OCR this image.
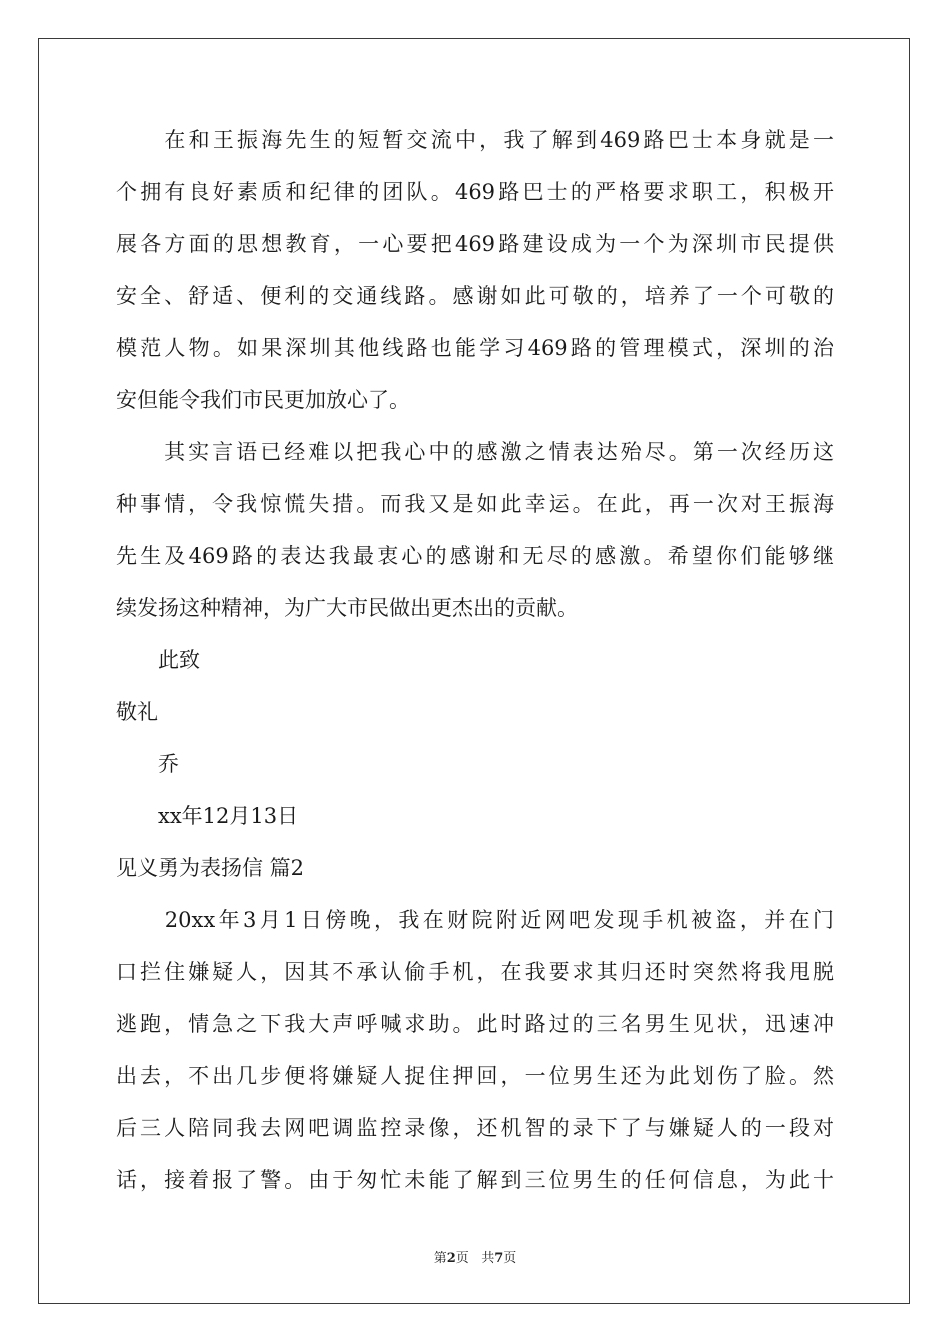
　　在和王振海先生的短暂交流中，我了解到469路巴士本身就是一
个拥有良好素质和纪律的团队。469路巴士的严格要求职工，积极开
展各方面的思想教育，一心要把469路建设成为一个为深圳市民提供
安全、舒适、便利的交通线路。感谢如此可敬的，培养了一个可敬的
模范人物。如果深圳其他线路也能学习469路的管理模式，深圳的治
安但能令我们市民更加放心了。
　　其实言语已经难以把我心中的感激之情表达殆尽。第一次经历这
种事情，令我惊慌失措。而我又是如此幸运。在此，再一次对王振海
先生及469路的表达我最衷心的感谢和无尽的感激。希望你们能够继
续发扬这种精神，为广大市民做出更杰出的贡献。
　　此致
敬礼
　　乔
　　xx年12月13日
见义勇为表扬信 篇2
　　20xx年3月1日傍晚，我在财院附近网吧发现手机被盗，并在门
口拦住嫌疑人，因其不承认偷手机，在我要求其归还时突然将我甩脱
逃跑，情急之下我大声呼喊求助。此时路过的三名男生见状，迅速冲
出去，不出几步便将嫌疑人捉住押回，一位男生还为此划伤了脸。然
后三人陪同我去网吧调监控录像，还机智的录下了与嫌疑人的一段对
话，接着报了警。由于匆忙未能了解到三位男生的任何信息，为此十
第2页 共7页
